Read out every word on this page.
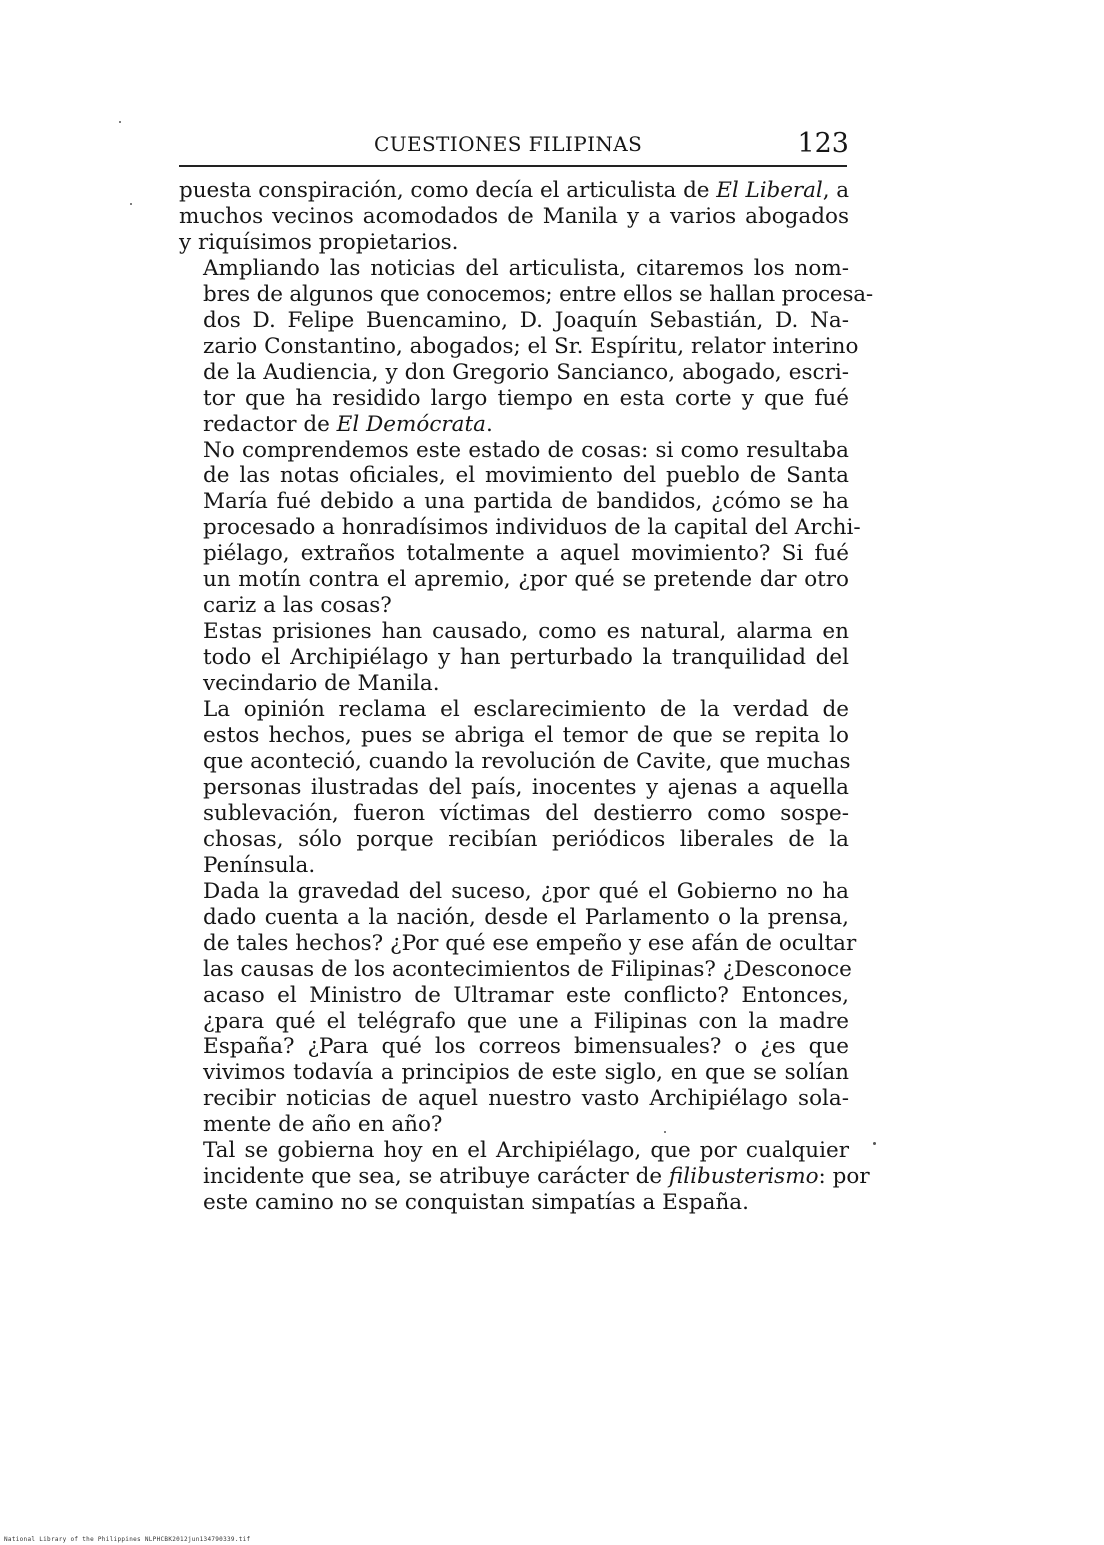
CUESTIONES FILIPINAS	123

puesta conspiración, como decía el articulista de El Liberal, a
muchos vecinos acomodados de Manila y a varios abogados
y riquísimos propietarios.

Ampliando las noticias del articulista, citaremos los nom-
bres de algunos que conocemos; entre ellos se hallan procesa-
dos D. Felipe Buencamino, D. Joaquín Sebastián, D. Na-
zario Constantino, abogados; el Sr. Espíritu, relator interino
de la Audiencia, y don Gregorio Sancianco, abogado, escri-
tor que ha residido largo tiempo en esta corte y que fué
redactor de El Demócrata.

No comprendemos este estado de cosas: si como resultaba
de las notas oficiales, el movimiento del pueblo de Santa
María fué debido a una partida de bandidos, ¿cómo se ha
procesado a honradísimos individuos de la capital del Archi-
piélago, extraños totalmente a aquel movimiento? Si fué
un motín contra el apremio, ¿por qué se pretende dar otro
cariz a las cosas?

Estas prisiones han causado, como es natural, alarma en
todo el Archipiélago y han perturbado la tranquilidad del
vecindario de Manila.

La opinión reclama el esclarecimiento de la verdad de
estos hechos, pues se abriga el temor de que se repita lo
que aconteció, cuando la revolución de Cavite, que muchas
personas ilustradas del país, inocentes y ajenas a aquella
sublevación, fueron víctimas del destierro como sospe-
chosas, sólo porque recibían periódicos liberales de la
Península.

Dada la gravedad del suceso, ¿por qué el Gobierno no ha
dado cuenta a la nación, desde el Parlamento o la prensa,
de tales hechos? ¿Por qué ese empeño y ese afán de ocultar
las causas de los acontecimientos de Filipinas? ¿Desconoce
acaso el Ministro de Ultramar este conflicto? Entonces,
¿para qué el telégrafo que une a Filipinas con la madre
España? ¿Para qué los correos bimensuales? o ¿es que
vivimos todavía a principios de este siglo, en que se solían
recibir noticias de aquel nuestro vasto Archipiélago sola-
mente de año en año?

Tal se gobierna hoy en el Archipiélago, que por cualquier
incidente que sea, se atribuye carácter de filibusterismo: por
este camino no se conquistan simpatías a España.

National Library of the Philippines NLPHCBK2012jun134790339.tif
